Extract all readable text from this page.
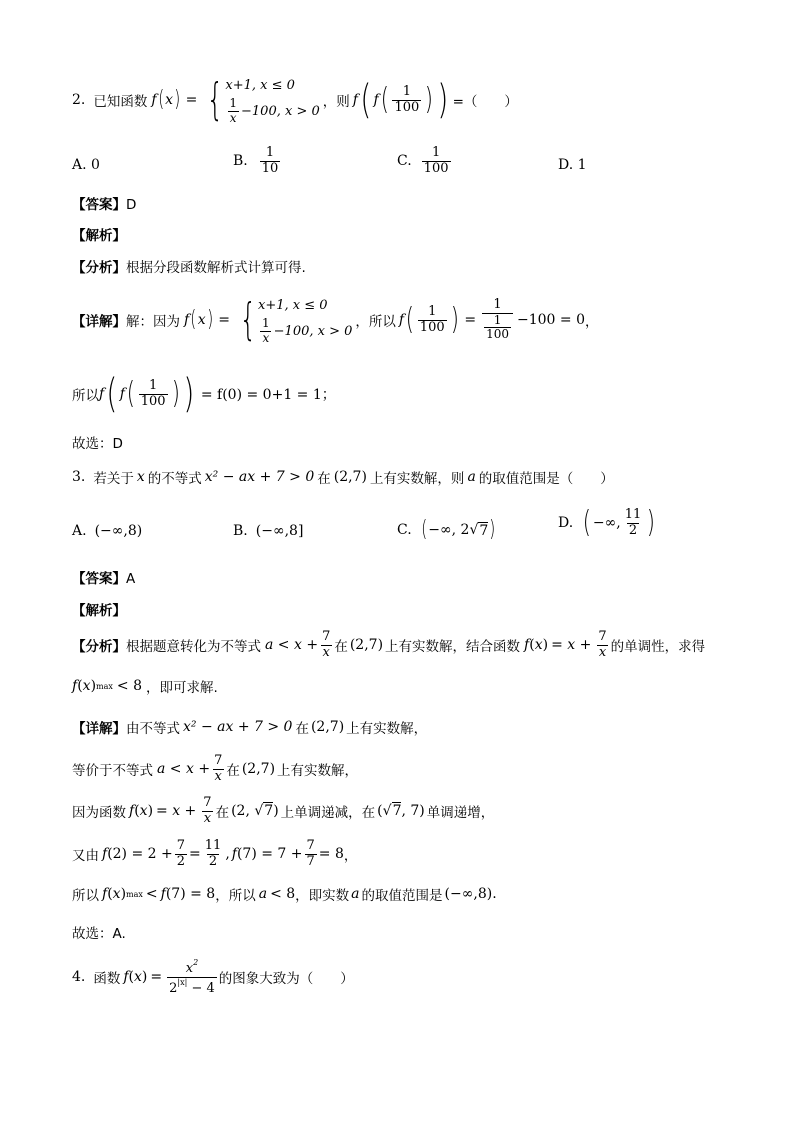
2. 已知函数 f ( x ) = { x+1, x ≤ 0
$\frac{1}{x} -100$, x > 0
，则 f ( f ( $\frac{1}{100}$ ) ) =（　　）
A. 0	B. $\frac{1}{10}$	C. $\frac{1}{100}$	D. 1
【答案】D
【解析】
【分析】根据分段函数解析式计算可得.
【详解】 解：因为 f ( x ) = { x+1, x ≤ 0
$\frac{1}{x} -100$, x > 0
，所以 f ( $\frac{1}{100}$ ) = $\frac{1}{\frac{1}{100}} -100 = 0$ ，
所以 f ( f ( $\frac{1}{100}$ ) ) = f(0) = 0+1 = 1；
故选：D
3. 若关于 x 的不等式 x² − ax + 7 > 0 在 (2,7) 上有实数解，则 a 的取值范围是（　　）
A. (−∞,8)	B. (−∞,8]	C. ( −∞, 2√ 7 )	D. ( −∞, $\frac{11}{2}$ )
【答案】A
【解析】
【分析】 根据题意转化为不等式 $a < x + \frac{7}{x}$ 在 (2,7) 上有实数解，结合函数 f ( x ) = $x + \frac{7}{x}$ 的单调性，求得
f ( x ) max < 8 ，即可求解.
【详解】 由不等式 x² − ax + 7 > 0 在 (2,7) 上有实数解，
等价于不等式 $a < x + \frac{7}{x}$ 在 (2,7) 上有实数解，
因为函数 f ( x ) = $x + \frac{7}{x}$ 在 (2, √7) 上单调递减，在 (√7, 7) 单调递增，
又由 f $(2) = 2 + \frac{7}{2} = \frac{11}{2}$ , f $(7) = 7 + \frac{7}{7} = 8$ ，
所以 f ( x ) max < f (7) = 8 ，所以 a < 8 ，即实数 a 的取值范围是 (−∞,8) .
故选：A.
4. 函数 f ( x ) = $\frac{x^2}{2^{|x|} - 4}$ 的图象大致为（　　）
